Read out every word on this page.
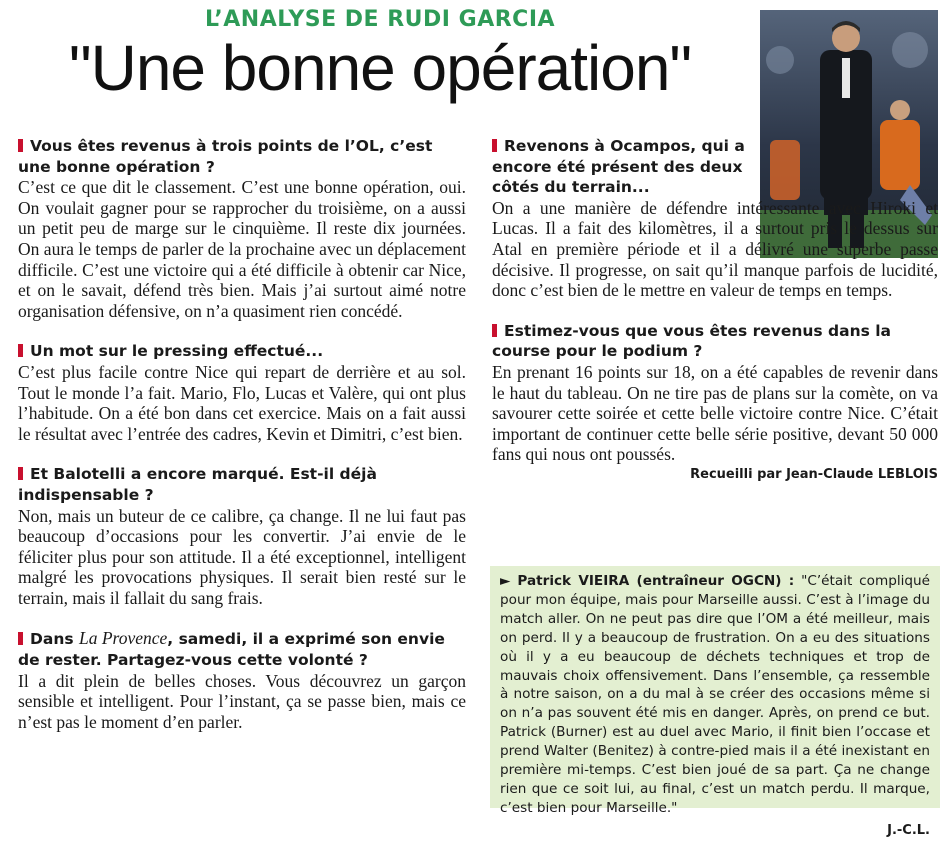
L’ANALYSE DE RUDI GARCIA
"Une bonne opération"
Vous êtes revenus à trois points de l’OL, c’est une bonne opération ?

C’est ce que dit le classement. C’est une bonne opération, oui. On voulait gagner pour se rapprocher du troisième, on a aussi un petit peu de marge sur le cinquième. Il reste dix journées. On aura le temps de parler de la prochaine avec un déplacement difficile. C’est une victoire qui a été difficile à obtenir car Nice, et on le savait, défend très bien. Mais j’ai surtout aimé notre organisation défensive, on n’a quasiment rien concédé.

Un mot sur le pressing effectué...

C’est plus facile contre Nice qui repart de derrière et au sol. Tout le monde l’a fait. Mario, Flo, Lucas et Valère, qui ont plus l’habitude. On a été bon dans cet exercice. Mais on a fait aussi le résultat avec l’entrée des cadres, Kevin et Dimitri, c’est bien.

Et Balotelli a encore marqué. Est-il déjà indispensable ?

Non, mais un buteur de ce calibre, ça change. Il ne lui faut pas beaucoup d’occasions pour les convertir. J’ai envie de le féliciter plus pour son attitude. Il a été exceptionnel, intelligent malgré les provocations physiques. Il serait bien resté sur le terrain, mais il fallait du sang frais.

Dans La Provence, samedi, il a exprimé son envie de rester. Partagez-vous cette volonté ?

Il a dit plein de belles choses. Vous découvrez un garçon sensible et intelligent. Pour l’instant, ça se passe bien, mais ce n’est pas le moment d’en parler.

Revenons à Ocampos, qui a encore été présent des deux côtés du terrain...

On a une manière de défendre intéressante avec Hiroki et Lucas. Il a fait des kilomètres, il a surtout pris le dessus sur Atal en première période et il a délivré une superbe passe décisive. Il progresse, on sait qu’il manque parfois de lucidité, donc c’est bien de le mettre en valeur de temps en temps.

Estimez-vous que vous êtes revenus dans la course pour le podium ?

En prenant 16 points sur 18, on a été capables de revenir dans le haut du tableau. On ne tire pas de plans sur la comète, on va savourer cette soirée et cette belle victoire contre Nice. C’était important de continuer cette belle série positive, devant 50 000 fans qui nous ont poussés.

Recueilli par Jean-Claude LEBLOIS
► Patrick VIEIRA (entraîneur OGCN) : "C’était compliqué pour mon équipe, mais pour Marseille aussi. C’est à l’image du match aller. On ne peut pas dire que l’OM a été meilleur, mais on perd. Il y a beaucoup de frustration. On a eu des situations où il y a eu beaucoup de déchets techniques et trop de mauvais choix offensivement. Dans l’ensemble, ça ressemble à notre saison, on a du mal à se créer des occasions même si on n’a pas souvent été mis en danger. Après, on prend ce but. Patrick (Burner) est au duel avec Mario, il finit bien l’occase et prend Walter (Benitez) à contre-pied mais il a été inexistant en première mi-temps. C’est bien joué de sa part. Ça ne change rien que ce soit lui, au final, c’est un match perdu. Il marque, c’est bien pour Marseille."
J.-C.L.
